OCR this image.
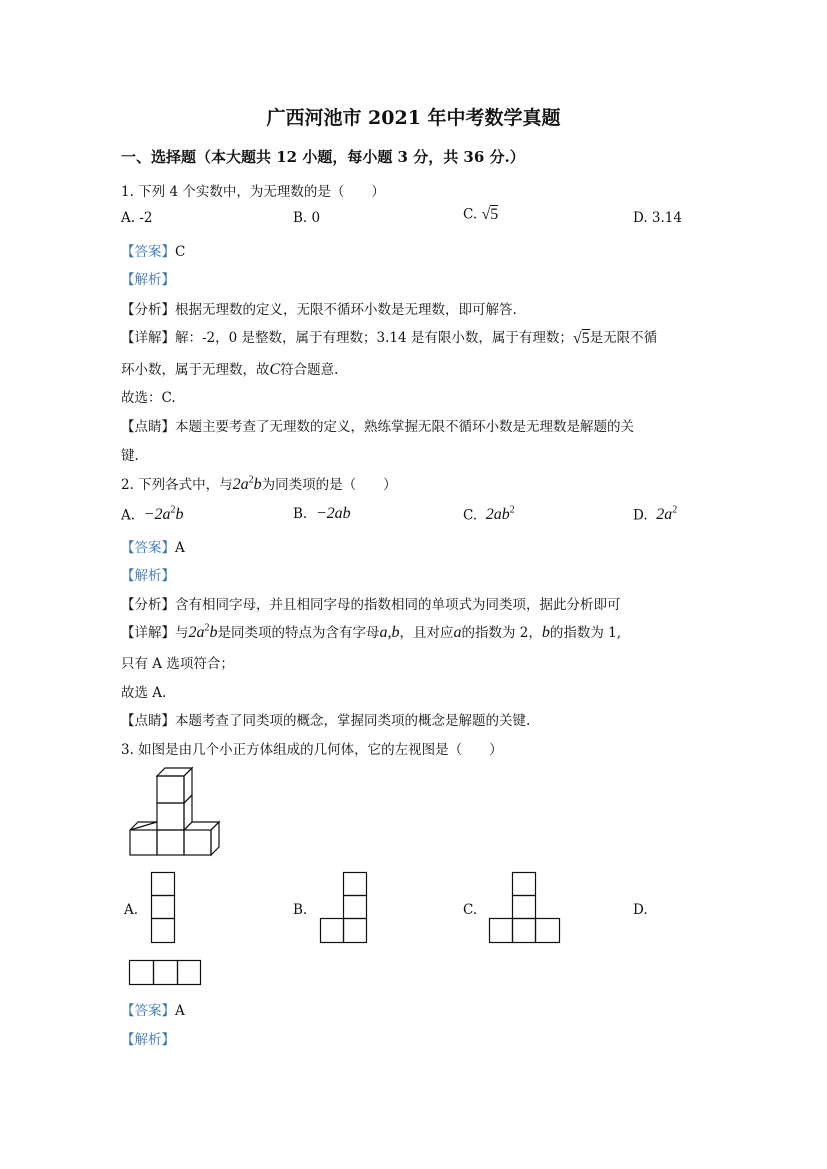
广西河池市 2021 年中考数学真题
一、选择题（本大题共 12 小题，每小题 3 分，共 36 分.）
1. 下列 4 个实数中，为无理数的是（　　）
A. -2	B. 0	C. √5	D. 3.14
【答案】C
【解析】
【分析】根据无理数的定义，无限不循环小数是无理数，即可解答.
【详解】解：-2，0 是整数，属于有理数；3.14 是有限小数，属于有理数；√5是无限不循
环小数，属于无理数，故C符合题意.
故选：C.
【点睛】本题主要考查了无理数的定义，熟练掌握无限不循环小数是无理数是解题的关
键.
2. 下列各式中，与$2a^2b$为同类项的是（　　）
A. $-2a^2b$	B. −2ab	C. $2ab^2$	D. $2a^2$
【答案】A
【解析】
【分析】含有相同字母，并且相同字母的指数相同的单项式为同类项，据此分析即可
【详解】与$2a^2b$是同类项的特点为含有字母a,b，且对应a的指数为 2，b的指数为 1,
只有 A 选项符合；
故选 A.
【点睛】本题考查了同类项的概念，掌握同类项的概念是解题的关键.
3. 如图是由几个小正方体组成的几何体，它的左视图是（　　）
A.	B.	C.	D.
【答案】A
【解析】
